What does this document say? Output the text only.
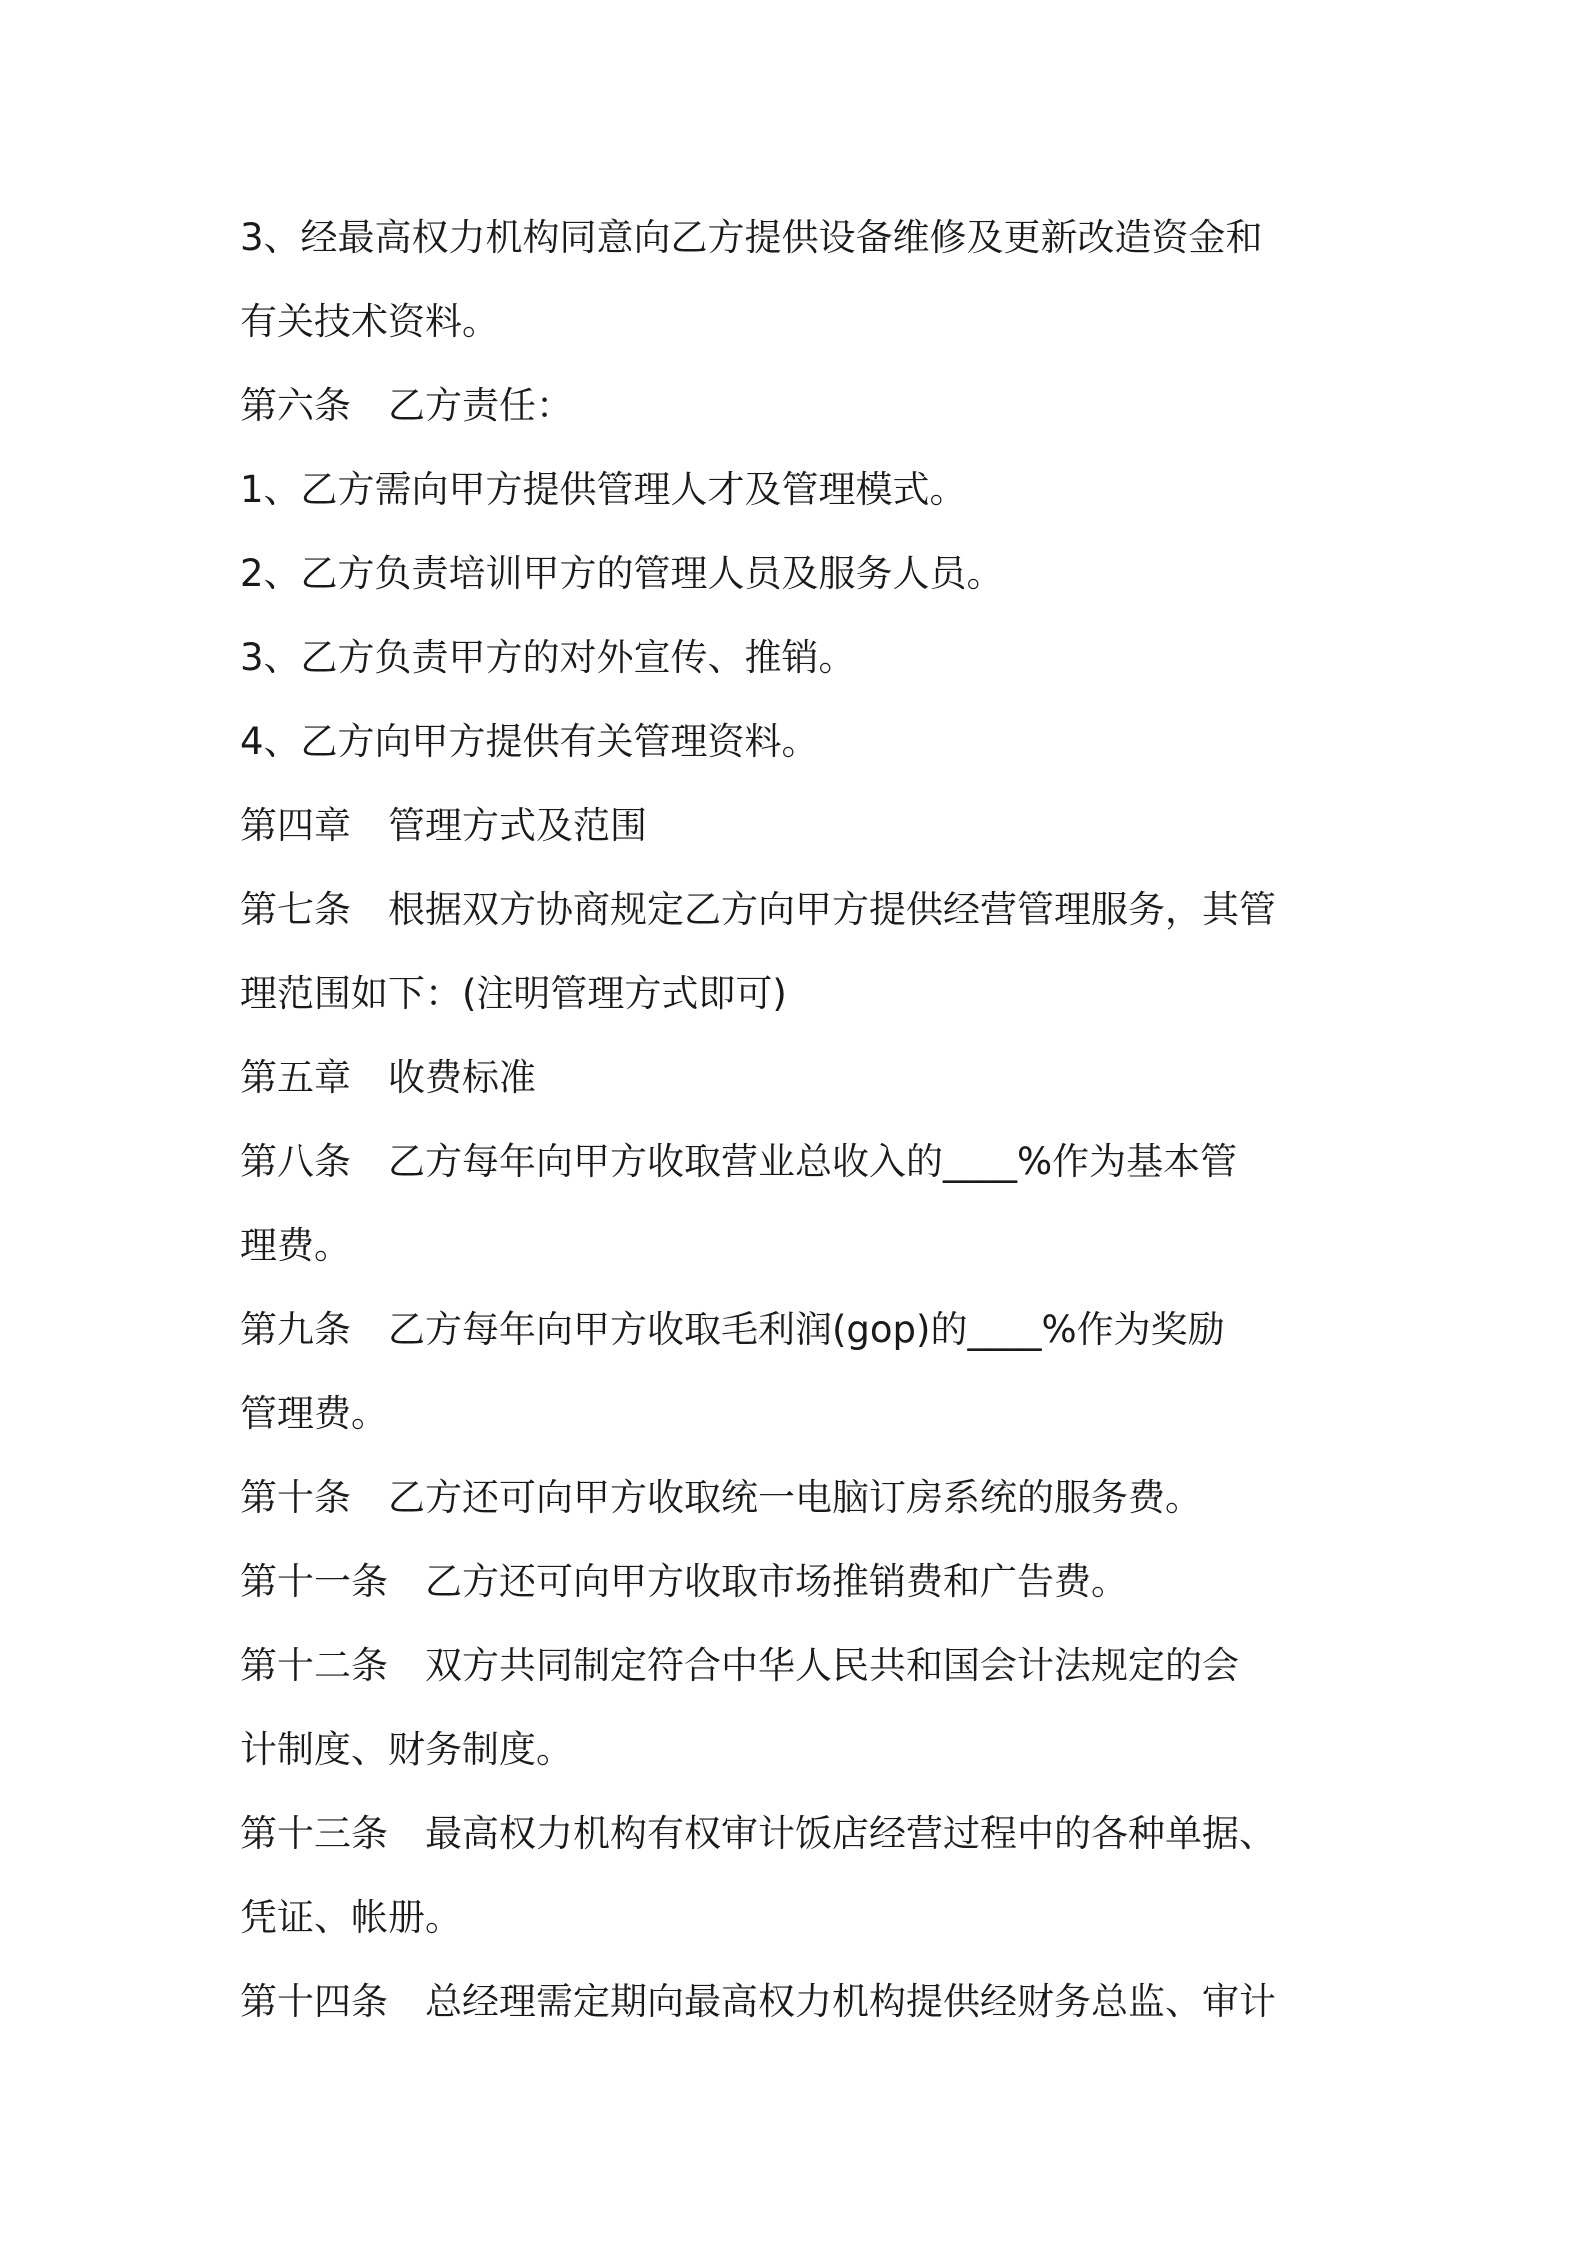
3、经最高权力机构同意向乙方提供设备维修及更新改造资金和
有关技术资料。
第六条　乙方责任：
1、乙方需向甲方提供管理人才及管理模式。
2、乙方负责培训甲方的管理人员及服务人员。
3、乙方负责甲方的对外宣传、推销。
4、乙方向甲方提供有关管理资料。
第四章　管理方式及范围
第七条　根据双方协商规定乙方向甲方提供经营管理服务，其管
理范围如下：(注明管理方式即可)
第五章　收费标准
第八条　乙方每年向甲方收取营业总收入的____%作为基本管
理费。
第九条　乙方每年向甲方收取毛利润(gop)的____%作为奖励
管理费。
第十条　乙方还可向甲方收取统一电脑订房系统的服务费。
第十一条　乙方还可向甲方收取市场推销费和广告费。
第十二条　双方共同制定符合中华人民共和国会计法规定的会
计制度、财务制度。
第十三条　最高权力机构有权审计饭店经营过程中的各种单据、
凭证、帐册。
第十四条　总经理需定期向最高权力机构提供经财务总监、审计
